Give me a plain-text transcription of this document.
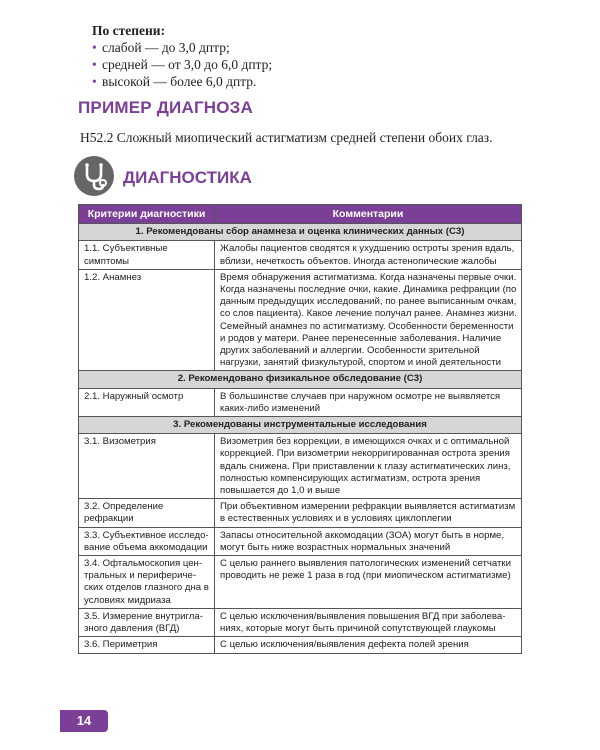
По степени:
• слабой — до 3,0 дптр;
• средней — от 3,0 до 6,0 дптр;
• высокой — более 6,0 дптр.
ПРИМЕР ДИАГНОЗА
H52.2 Сложный миопический астигматизм средней степени обоих глаз.
ДИАГНОСТИКА
Критерии диагностики	Комментарии
1. Рекомендованы сбор анамнеза и оценка клинических данных (С3)	
1.1. Субъективные симптомы	Жалобы пациентов сводятся к ухудшению остроты зрения вдаль, вблизи, нечеткость объектов. Иногда астенопические жалобы
1.2. Анамнез	Время обнаружения астигматизма. Когда назначены первые очки. Когда назначены последние очки, какие. Динамика рефракции (по данным предыдущих исследований, по ранее выписанным очкам, со слов пациента). Какое лечение получал ранее. Анамнез жизни. Семейный анамнез по астигматизму. Особенности беременности и родов у матери. Ранее перенесенные заболевания. Наличие других заболеваний и аллергии. Особенности зрительной нагрузки, занятий физкультурой, спортом и иной деятельности
2. Рекомендовано физикальное обследование (С3)	
2.1. Наружный осмотр	В большинстве случаев при наружном осмотре не выявляется каких-либо изменений
3. Рекомендованы инструментальные исследования	
3.1. Визометрия	Визометрия без коррекции, в имеющихся очках и с оптимальной коррекцией. При визометрии некорригированная острота зрения вдаль снижена. При приставлении к глазу астигматических линз, полностью компенсирующих астигматизм, острота зрения повышается до 1,0 и выше
3.2. Определение рефракции	При объективном измерении рефракции выявляется астигматизм в естественных условиях и в условиях циклоплегии
3.3. Субъективное исследование объема аккомодации	Запасы относительной аккомодации (ЗОА) могут быть в норме, могут быть ниже возрастных нормальных значений
3.4. Офтальмоскопия центральных и периферических отделов глазного дна в условиях мидриаза	С целью раннего выявления патологических изменений сетчатки проводить не реже 1 раза в год (при миопическом астигматизме)
3.5. Измерение внутриглазного давления (ВГД)	С целью исключения/выявления повышения ВГД при заболеваниях, которые могут быть причиной сопутствующей глаукомы
3.6. Периметрия	С целью исключения/выявления дефекта полей зрения
14
